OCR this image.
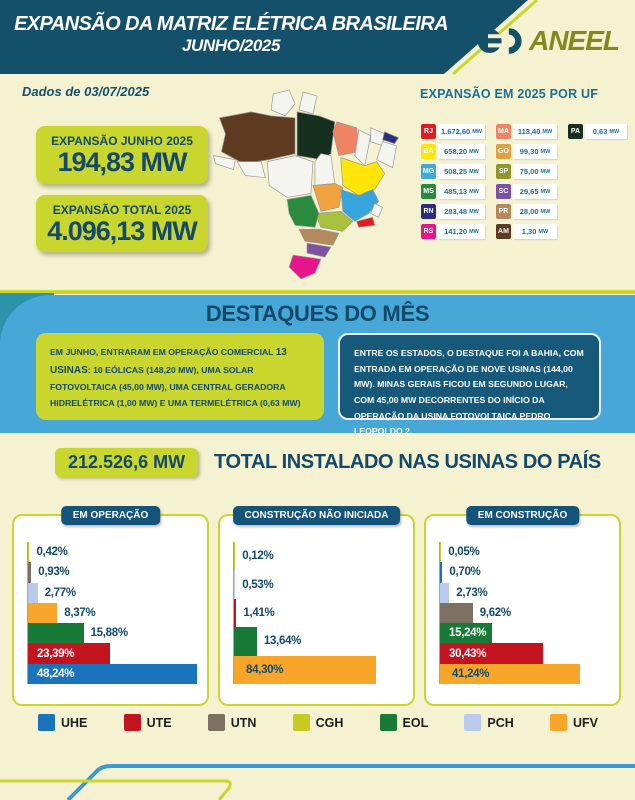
EXPANSÃO DA MATRIZ ELÉTRICA BRASILEIRA
JUNHO/2025	ANEEL
Dados de 03/07/2025	EXPANSÃO EM 2025 POR UF
EXPANSÃO JUNHO 2025
194,83 MW
EXPANSÃO TOTAL 2025
4.096,13 MW
RJ	1.672,60 MW
BA	658,20 MW
MG	508,25 MW
MS	485,13 MW
RN	283,48 MW
RS	141,20 MW
MA	113,40 MW
GO	99,30 MW
SP	75,00 MW
SC	29,65 MW
PR	28,00 MW
AM	1,30 MW
PA	0,63 MW
DESTAQUES DO MÊS
EM JUNHO, ENTRARAM EM OPERAÇÃO COMERCIAL 13 USINAS: 10 EÓLICAS (148,20 MW), UMA SOLAR FOTOVOLTAICA (45,00 MW), UMA CENTRAL GERADORA HIDRELÉTRICA (1,00 MW) E UMA TERMELÉTRICA (0,63 MW)
ENTRE OS ESTADOS, O DESTAQUE FOI A BAHIA, COM ENTRADA EM OPERAÇÃO DE NOVE USINAS (144,00 MW). MINAS GERAIS FICOU EM SEGUNDO LUGAR, COM 45,00 MW DECORRENTES DO INÍCIO DA OPERAÇÃO DA USINA FOTOVOLTAICA PEDRO LEOPOLDO 2.
212.526,6 MW	TOTAL INSTALADO NAS USINAS DO PAÍS
EM OPERAÇÃO
0,42%
0,93%
2,77%
8,37%
15,88%
23,39%
48,24%
CONSTRUÇÃO NÃO INICIADA
0,12%
0,53%
1,41%
13,64%
84,30%
EM CONSTRUÇÃO
0,05%
0,70%
2,73%
9,62%
15,24%
30,43%
41,24%
UHE	UTE	UTN	CGH	EOL	PCH	UFV
